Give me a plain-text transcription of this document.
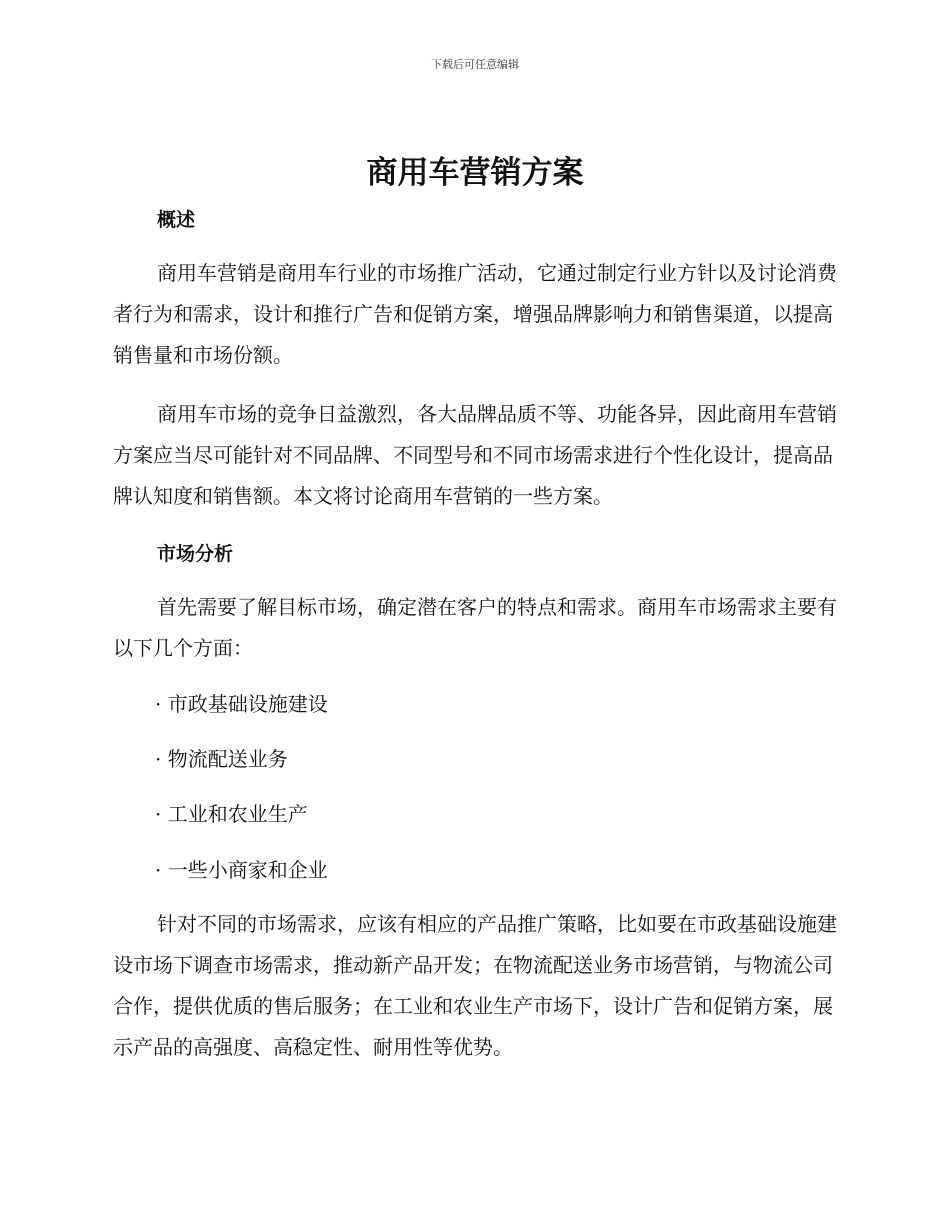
下载后可任意编辑
商用车营销方案
概述

商用车营销是商用车行业的市场推广活动，它通过制定行业方针以及讨论消费者行为和需求，设计和推行广告和促销方案，增强品牌影响力和销售渠道，以提高销售量和市场份额。

商用车市场的竞争日益激烈，各大品牌品质不等、功能各异，因此商用车营销方案应当尽可能针对不同品牌、不同型号和不同市场需求进行个性化设计，提高品牌认知度和销售额。本文将讨论商用车营销的一些方案。

市场分析

首先需要了解目标市场，确定潜在客户的特点和需求。商用车市场需求主要有以下几个方面：

· 市政基础设施建设
· 物流配送业务
· 工业和农业生产
· 一些小商家和企业

针对不同的市场需求，应该有相应的产品推广策略，比如要在市政基础设施建设市场下调查市场需求，推动新产品开发；在物流配送业务市场营销，与物流公司合作，提供优质的售后服务；在工业和农业生产市场下，设计广告和促销方案，展示产品的高强度、高稳定性、耐用性等优势。
